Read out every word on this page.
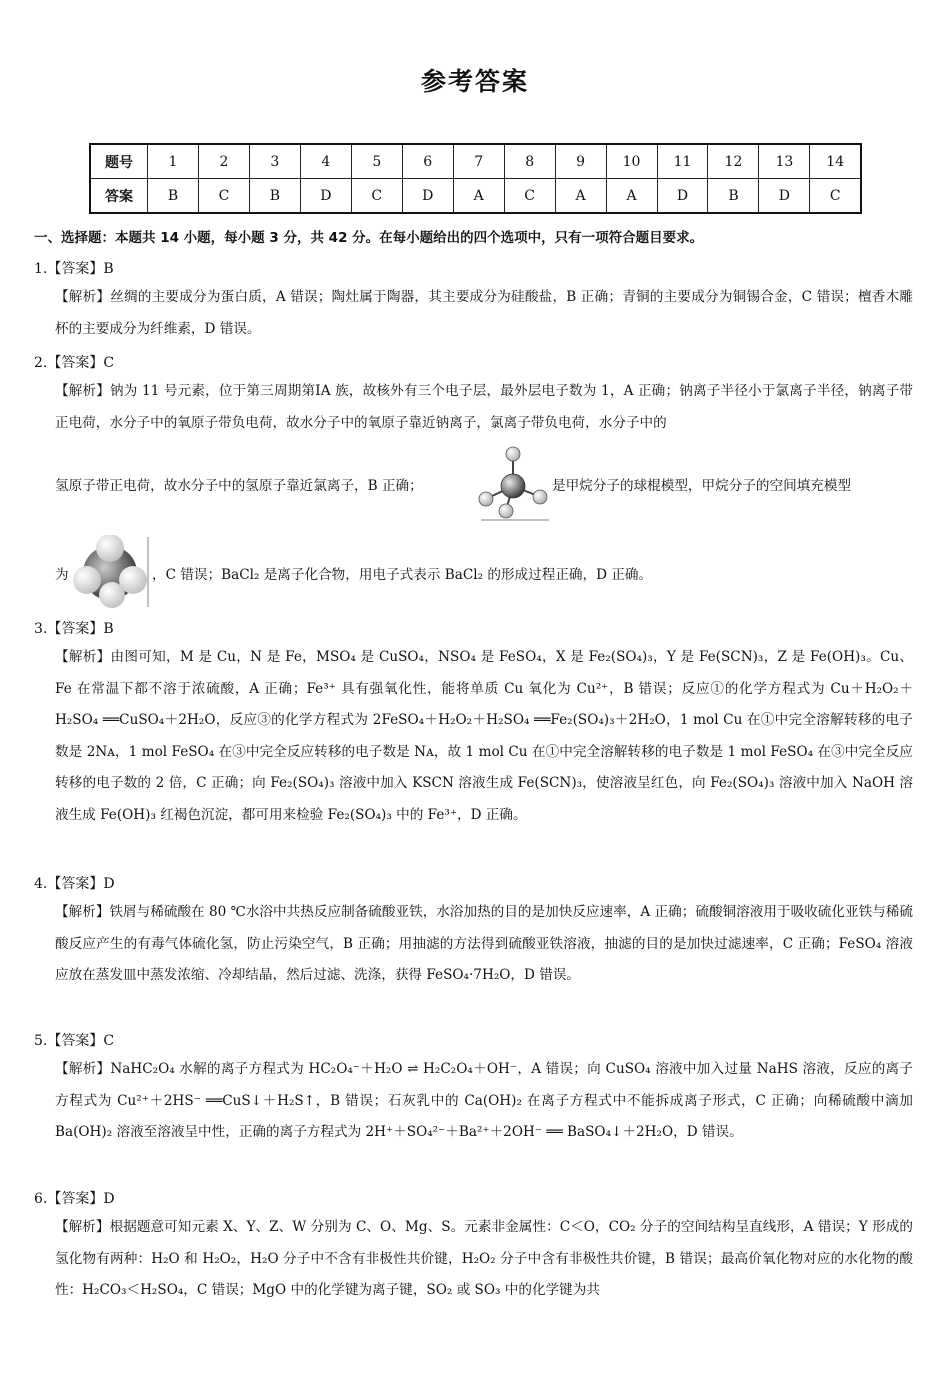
参考答案
题号	1	2	3	4	5	6	7	8	9	10	11	12	13	14
答案	B	C	B	D	C	D	A	C	A	A	D	B	D	C
一、选择题：本题共 14 小题，每小题 3 分，共 42 分。在每小题给出的四个选项中，只有一项符合题目要求。
1.【答案】B
【解析】丝绸的主要成分为蛋白质，A 错误；陶灶属于陶器，其主要成分为硅酸盐，B 正确；青铜的主要成分为铜锡合金，C 错误；檀香木雕杯的主要成分为纤维素，D 错误。
2.【答案】C
【解析】钠为 11 号元素，位于第三周期第ⅠA 族，故核外有三个电子层，最外层电子数为 1，A 正确；钠离子半径小于氯离子半径，钠离子带正电荷，水分子中的氧原子带负电荷，故水分子中的氧原子靠近钠离子，氯离子带负电荷，水分子中的
氢原子带正电荷，故水分子中的氢原子靠近氯离子，B 正确；	是甲烷分子的球棍模型，甲烷分子的空间填充模型
为	，C 错误；BaCl₂ 是离子化合物，用电子式表示 BaCl₂ 的形成过程正确，D 正确。
3.【答案】B
【解析】由图可知，M 是 Cu，N 是 Fe，MSO₄ 是 CuSO₄，NSO₄ 是 FeSO₄，X 是 Fe₂(SO₄)₃，Y 是 Fe(SCN)₃，Z 是 Fe(OH)₃。Cu、Fe 在常温下都不溶于浓硫酸，A 正确；Fe³⁺ 具有强氧化性，能将单质 Cu 氧化为 Cu²⁺，B 错误；反应①的化学方程式为 Cu＋H₂O₂＋H₂SO₄ ══CuSO₄＋2H₂O，反应③的化学方程式为 2FeSO₄＋H₂O₂＋H₂SO₄ ══Fe₂(SO₄)₃＋2H₂O，1 mol Cu 在①中完全溶解转移的电子数是 2Nᴀ，1 mol FeSO₄ 在③中完全反应转移的电子数是 Nᴀ，故 1 mol Cu 在①中完全溶解转移的电子数是 1 mol FeSO₄ 在③中完全反应转移的电子数的 2 倍，C 正确；向 Fe₂(SO₄)₃ 溶液中加入 KSCN 溶液生成 Fe(SCN)₃，使溶液呈红色，向 Fe₂(SO₄)₃ 溶液中加入 NaOH 溶液生成 Fe(OH)₃ 红褐色沉淀，都可用来检验 Fe₂(SO₄)₃ 中的 Fe³⁺，D 正确。
4.【答案】D
【解析】铁屑与稀硫酸在 80 ℃水浴中共热反应制备硫酸亚铁，水浴加热的目的是加快反应速率，A 正确；硫酸铜溶液用于吸收硫化亚铁与稀硫酸反应产生的有毒气体硫化氢，防止污染空气，B 正确；用抽滤的方法得到硫酸亚铁溶液，抽滤的目的是加快过滤速率，C 正确；FeSO₄ 溶液应放在蒸发皿中蒸发浓缩、冷却结晶，然后过滤、洗涤，获得 FeSO₄·7H₂O，D 错误。
5.【答案】C
【解析】NaHC₂O₄ 水解的离子方程式为 HC₂O₄⁻＋H₂O ⇌ H₂C₂O₄＋OH⁻，A 错误；向 CuSO₄ 溶液中加入过量 NaHS 溶液，反应的离子方程式为 Cu²⁺＋2HS⁻ ══CuS↓＋H₂S↑，B 错误；石灰乳中的 Ca(OH)₂ 在离子方程式中不能拆成离子形式，C 正确；向稀硫酸中滴加 Ba(OH)₂ 溶液至溶液呈中性，正确的离子方程式为 2H⁺＋SO₄²⁻＋Ba²⁺＋2OH⁻ ══ BaSO₄↓＋2H₂O，D 错误。
6.【答案】D
【解析】根据题意可知元素 X、Y、Z、W 分别为 C、O、Mg、S。元素非金属性：C＜O，CO₂ 分子的空间结构呈直线形，A 错误；Y 形成的氢化物有两种：H₂O 和 H₂O₂，H₂O 分子中不含有非极性共价键，H₂O₂ 分子中含有非极性共价键，B 错误；最高价氧化物对应的水化物的酸性：H₂CO₃＜H₂SO₄，C 错误；MgO 中的化学键为离子键，SO₂ 或 SO₃ 中的化学键为共
